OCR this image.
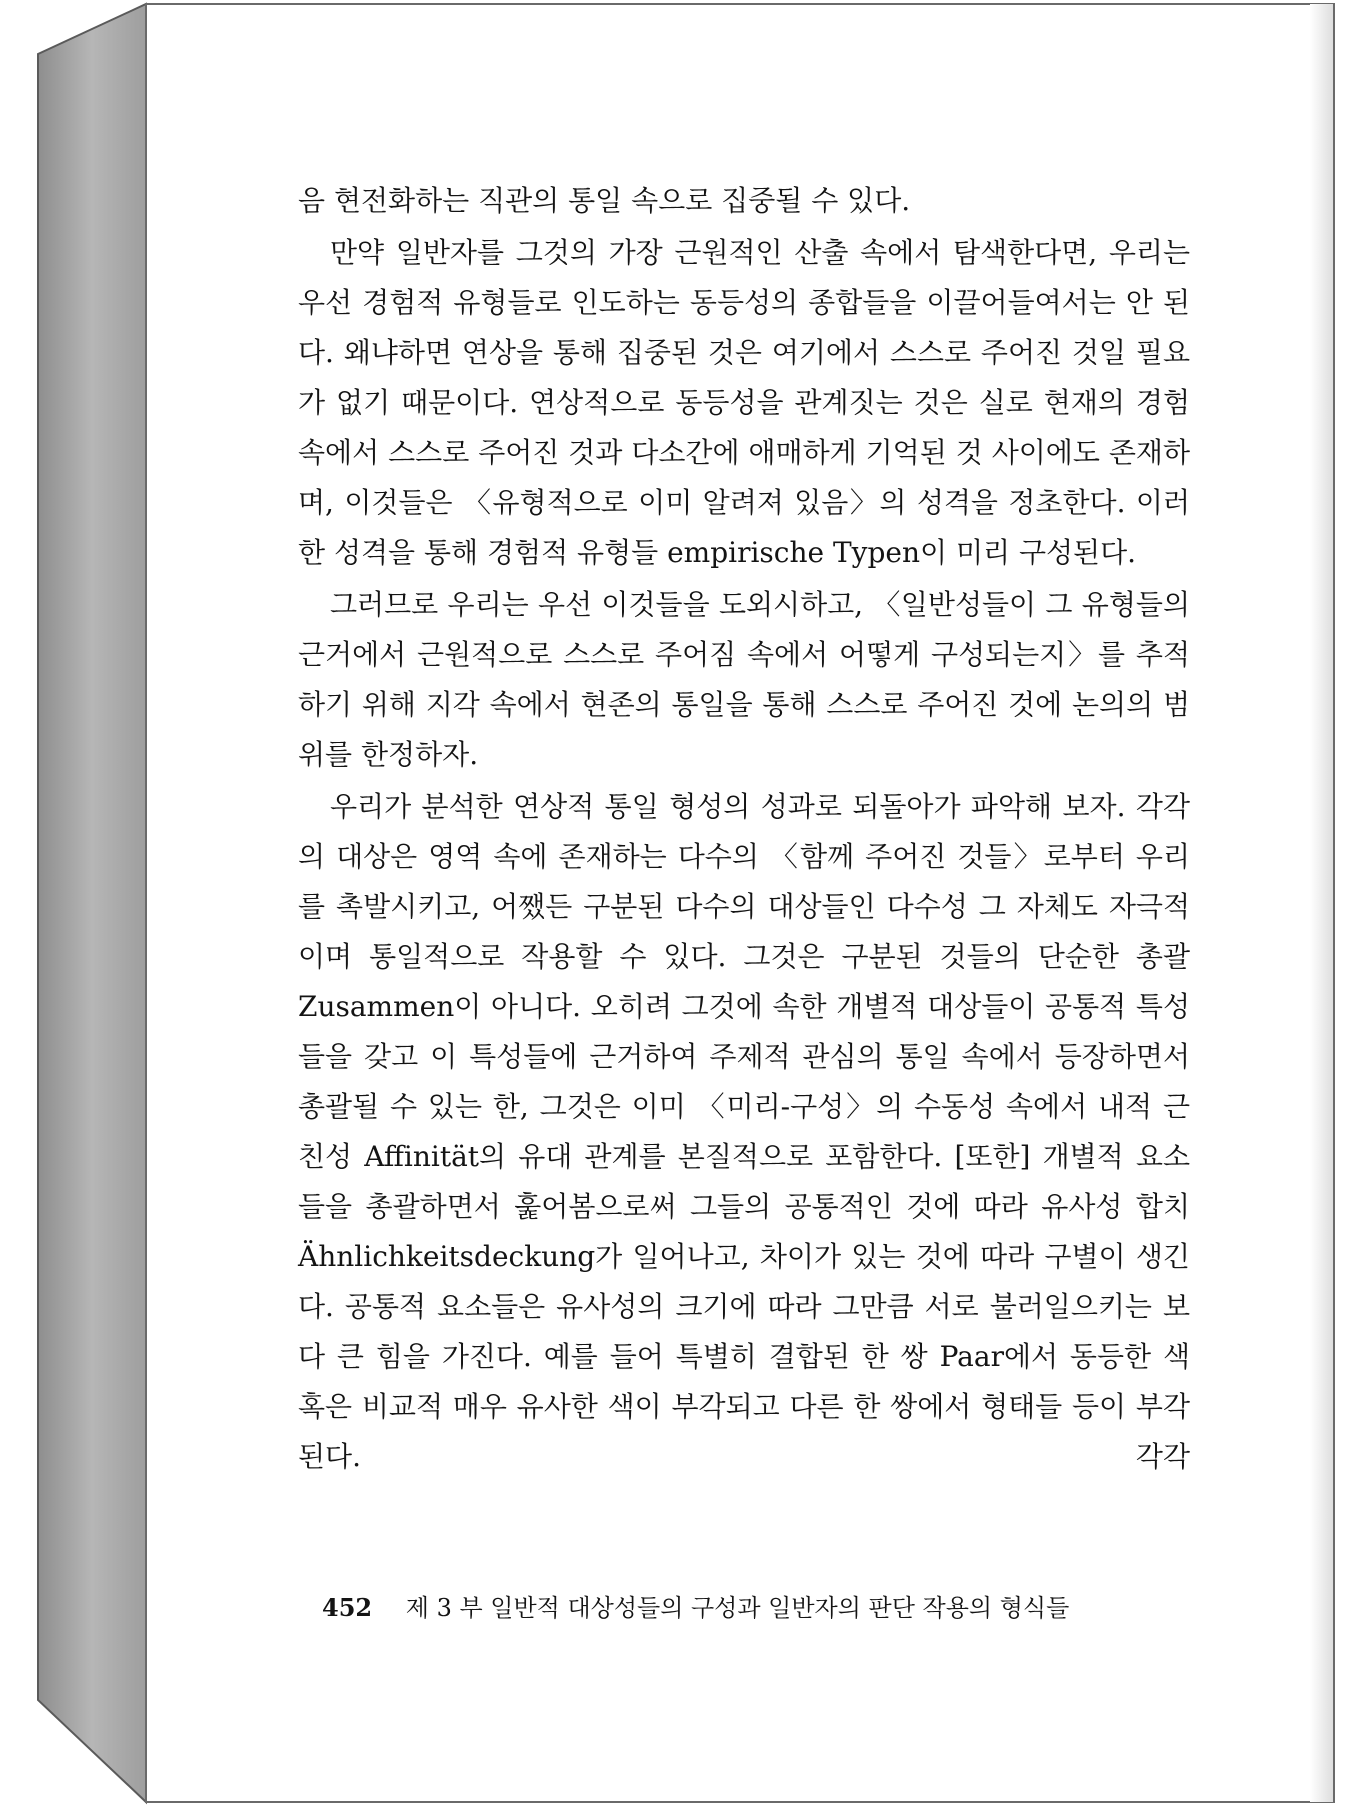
음 현전화하는 직관의 통일 속으로 집중될 수 있다.

만약 일반자를 그것의 가장 근원적인 산출 속에서 탐색한다면, 우리는 우선 경험적 유형들로 인도하는 동등성의 종합들을 이끌어들여서는 안 된다. 왜냐하면 연상을 통해 집중된 것은 여기에서 스스로 주어진 것일 필요가 없기 때문이다. 연상적으로 동등성을 관계짓는 것은 실로 현재의 경험 속에서 스스로 주어진 것과 다소간에 애매하게 기억된 것 사이에도 존재하며, 이것들은 〈유형적으로 이미 알려져 있음〉의 성격을 정초한다. 이러한 성격을 통해 경험적 유형들 empirische Typen이 미리 구성된다.

그러므로 우리는 우선 이것들을 도외시하고, 〈일반성들이 그 유형들의 근거에서 근원적으로 스스로 주어짐 속에서 어떻게 구성되는지〉를 추적하기 위해 지각 속에서 현존의 통일을 통해 스스로 주어진 것에 논의의 범위를 한정하자.

우리가 분석한 연상적 통일 형성의 성과로 되돌아가 파악해 보자. 각각의 대상은 영역 속에 존재하는 다수의 〈함께 주어진 것들〉로부터 우리를 촉발시키고, 어쨌든 구분된 다수의 대상들인 다수성 그 자체도 자극적이며 통일적으로 작용할 수 있다. 그것은 구분된 것들의 단순한 총괄 Zusammen이 아니다. 오히려 그것에 속한 개별적 대상들이 공통적 특성들을 갖고 이 특성들에 근거하여 주제적 관심의 통일 속에서 등장하면서 총괄될 수 있는 한, 그것은 이미 〈미리-구성〉의 수동성 속에서 내적 근친성 Affinität의 유대 관계를 본질적으로 포함한다. [또한] 개별적 요소들을 총괄하면서 훑어봄으로써 그들의 공통적인 것에 따라 유사성 합치 Ähnlichkeitsdeckung가 일어나고, 차이가 있는 것에 따라 구별이 생긴다. 공통적 요소들은 유사성의 크기에 따라 그만큼 서로 불러일으키는 보다 큰 힘을 가진다. 예를 들어 특별히 결합된 한 쌍 Paar에서 동등한 색 혹은 비교적 매우 유사한 색이 부각되고 다른 한 쌍에서 형태들 등이 부각된다. 각각

452 제 3 부 일반적 대상성들의 구성과 일반자의 판단 작용의 형식들
